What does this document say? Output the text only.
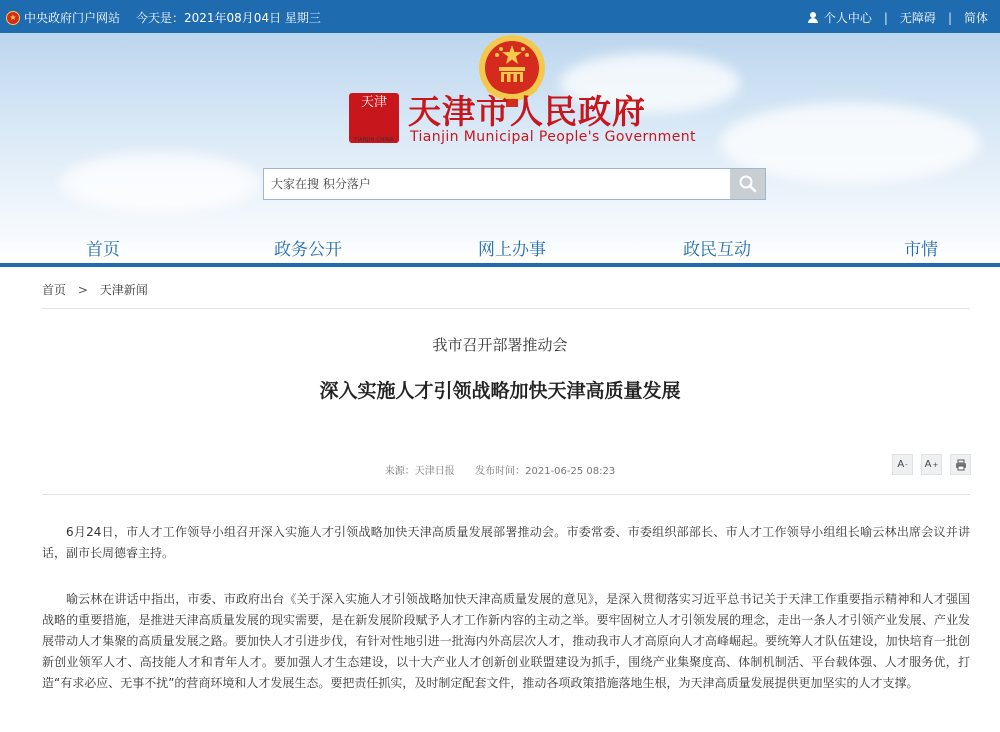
★ 中央政府门户网站 今天是：2021年08月04日 星期三	个人中心 | 无障碍 | 简体
天津
TIANJIN·CHINA
天津市人民政府
Tianjin Municipal People's Government
大家在搜 积分落户
首页	政务公开	网上办事	政民互动	市情
首页 > 天津新闻
我市召开部署推动会
深入实施人才引领战略加快天津高质量发展
来源：天津日报 发布时间：2021-06-25 08:23
A - A +

6月24日，市人才工作领导小组召开深入实施人才引领战略加快天津高质量发展部署推动会。市委常委、市委组织部部长、市人才工作领导小组组长喻云林出席会议并讲话，副市长周德睿主持。

喻云林在讲话中指出，市委、市政府出台《关于深入实施人才引领战略加快天津高质量发展的意见》，是深入贯彻落实习近平总书记关于天津工作重要指示精神和人才强国战略的重要措施，是推进天津高质量发展的现实需要，是在新发展阶段赋予人才工作新内容的主动之举。要牢固树立人才引领发展的理念，走出一条人才引领产业发展、产业发展带动人才集聚的高质量发展之路。要加快人才引进步伐，有针对性地引进一批海内外高层次人才，推动我市人才高原向人才高峰崛起。要统筹人才队伍建设，加快培育一批创新创业领军人才、高技能人才和青年人才。要加强人才生态建设，以十大产业人才创新创业联盟建设为抓手，围绕产业集聚度高、体制机制活、平台载体强、人才服务优，打造“有求必应、无事不扰”的营商环境和人才发展生态。要把责任抓实，及时制定配套文件，推动各项政策措施落地生根，为天津高质量发展提供更加坚实的人才支撑。
